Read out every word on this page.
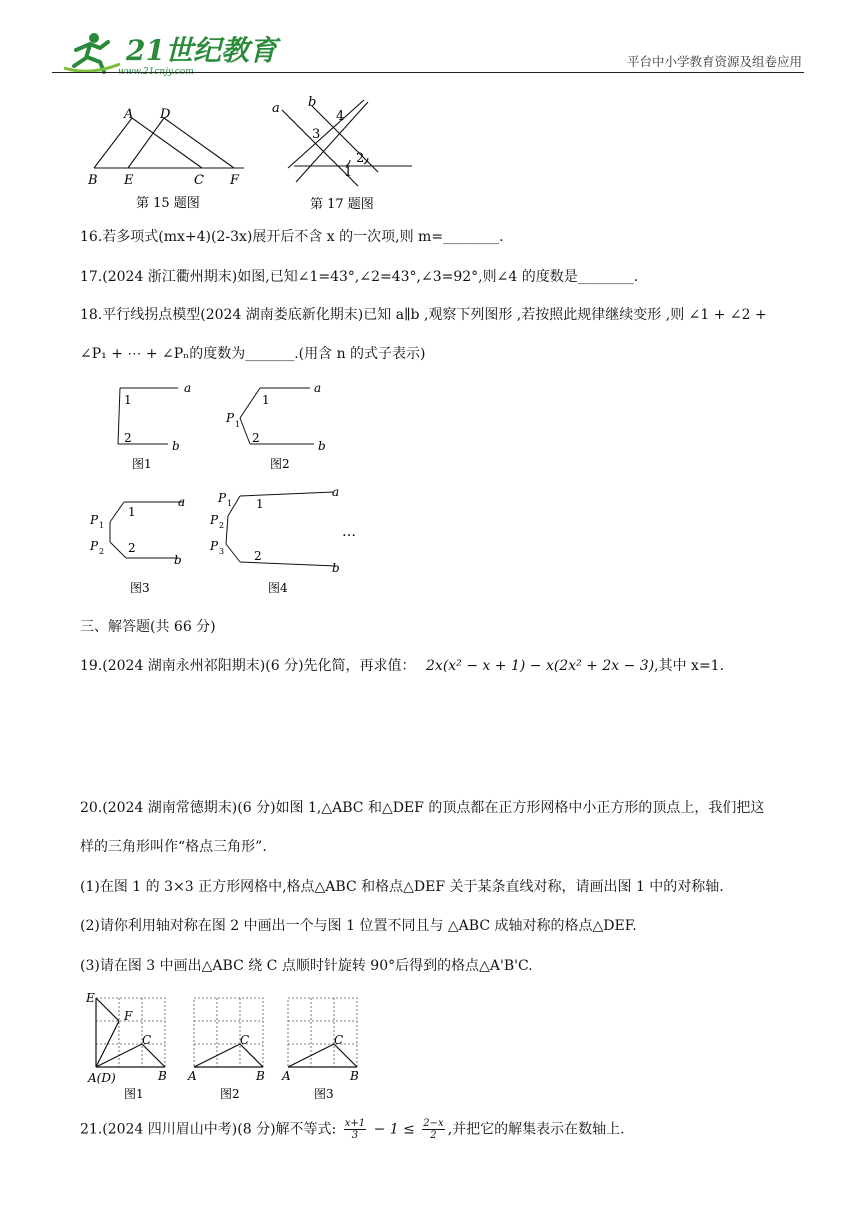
21世纪教育
www.21cnjy.com
平台中小学教育资源及组卷应用
A D
B E	C F
第 15 题图
a b
3
4
2
1
第 17 题图
16.若多项式(mx+4)(2-3x)展开后不含 x 的一次项,则 m=________.
17.(2024 浙江衢州期末)如图,已知∠1=43°,∠2=43°,∠3=92°,则∠4 的度数是________.
18.平行线拐点模型(2024 湖南娄底新化期末)已知 a∥b ,观察下列图形 ,若按照此规律继续变形 ,则 ∠1 + ∠2 +
∠P₁ + ⋯ + ∠Pₙ的度数为_______.(用含 n 的式子表示)
a
1
2
b
图1
a
1
P 1
2
b
图2
a
1
P 1
P 2 2
b
图3
a
P 1 1
P 2
P 3 2
b
图4
…
三、解答题(共 66 分)
19.(2024 湖南永州祁阳期末)(6 分)先化简，再求值： 2x(x² − x + 1) − x(2x² + 2x − 3),其中 x=1.
20.(2024 湖南常德期末)(6 分)如图 1,△ABC 和△DEF 的顶点都在正方形网格中小正方形的顶点上，我们把这
样的三角形叫作“格点三角形”.
(1)在图 1 的 3×3 正方形网格中,格点△ABC 和格点△DEF 关于某条直线对称，请画出图 1 中的对称轴.
(2)请你利用轴对称在图 2 中画出一个与图 1 位置不同且与 △ABC 成轴对称的格点△DEF.
(3)请在图 3 中画出△ABC 绕 C 点顺时针旋转 90°后得到的格点△A'B'C.
E
F
C
A(D)	B
C
A	B
C
A	B
图1	图2	图3
21.(2024 四川眉山中考)(8 分)解不等式: $\frac{x+1}{3} - 1 \le \frac{2-x}{2}$ ,并把它的解集表示在数轴上.
